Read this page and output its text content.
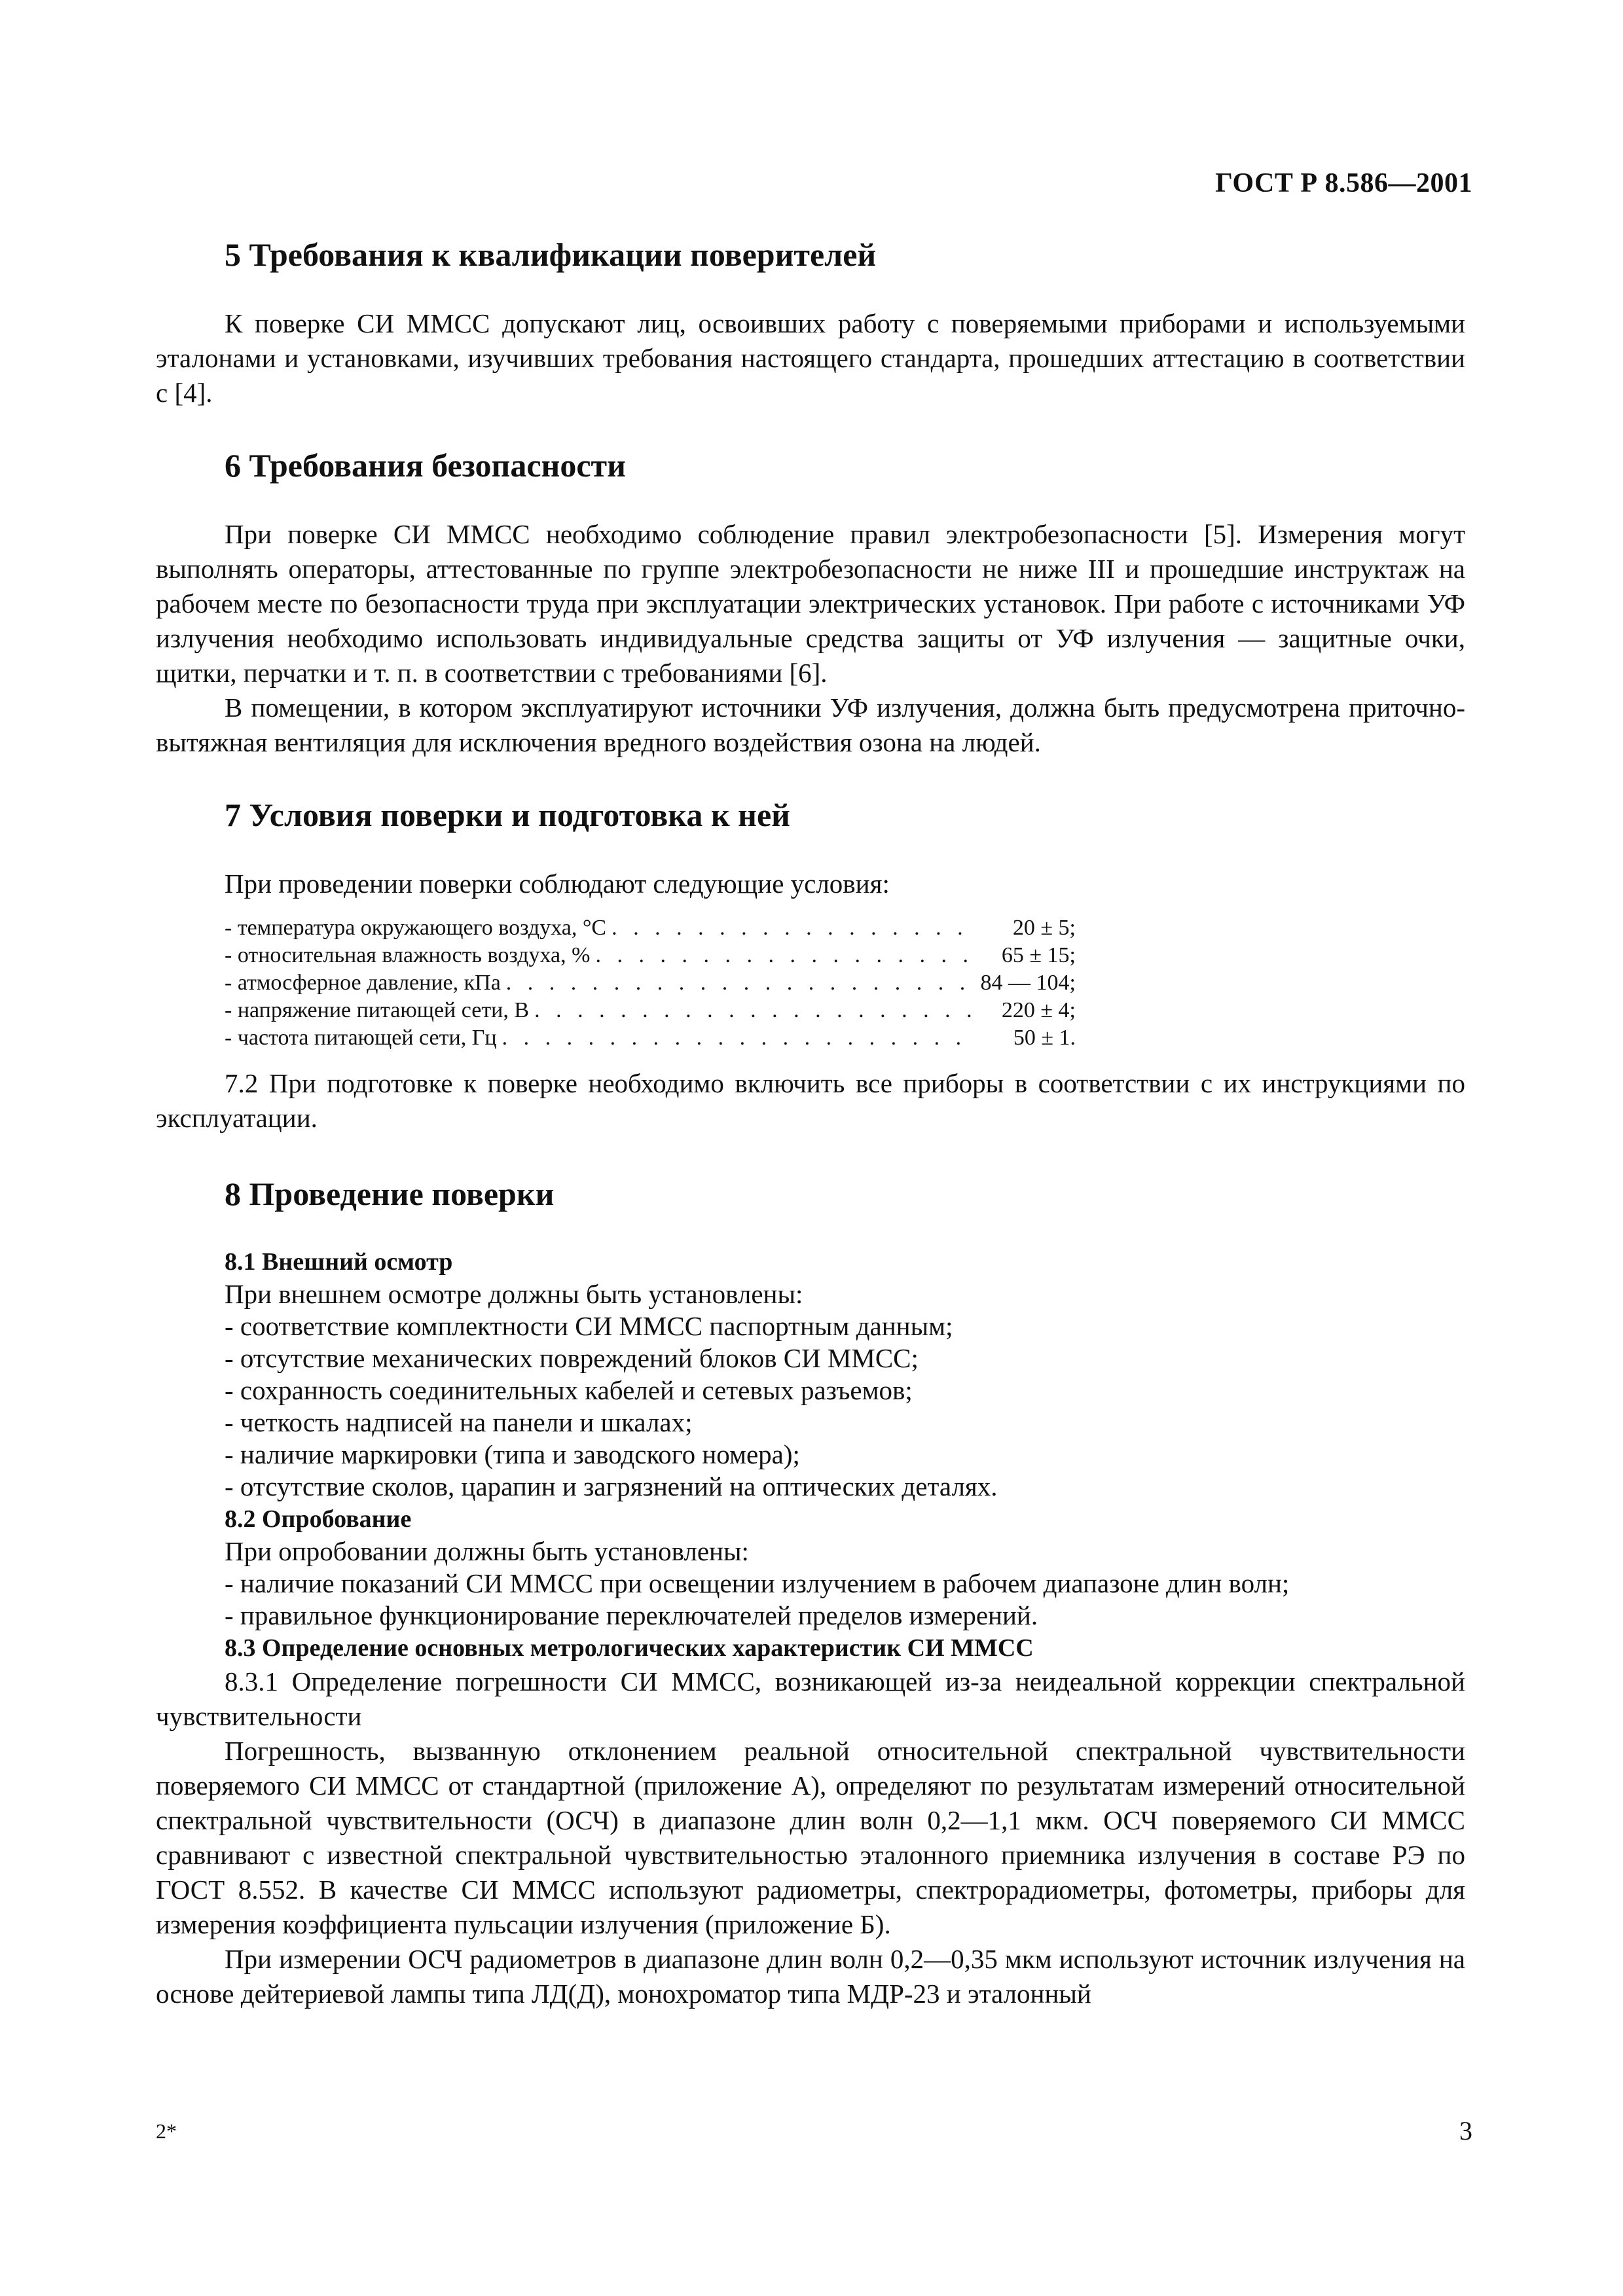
ГОСТ Р 8.586—2001
5 Требования к квалификации поверителей

К поверке СИ ММСС допускают лиц, освоивших работу с поверяемыми приборами и используемыми эталонами и установками, изучивших требования настоящего стандарта, прошедших аттестацию в соответствии с [4].

6 Требования безопасности

При поверке СИ ММСС необходимо соблюдение правил электробезопасности [5]. Измерения могут выполнять операторы, аттестованные по группе электробезопасности не ниже III и прошедшие инструктаж на рабочем месте по безопасности труда при эксплуатации электрических установок. При работе с источниками УФ излучения необходимо использовать индивидуальные средства защиты от УФ излучения — защитные очки, щитки, перчатки и т. п. в соответствии с требованиями [6].

В помещении, в котором эксплуатируют источники УФ излучения, должна быть предусмотрена приточно-вытяжная вентиляция для исключения вредного воздействия озона на людей.

7 Условия поверки и подготовка к ней

При проведении поверки соблюдают следующие условия:

- температура окружающего воздуха, °С . . .	20 ± 5;
- относительная влажность воздуха, % . . .	65 ± 15;
- атмосферное давление, кПа . . .	84 — 104;
- напряжение питающей сети, В . . .	220 ± 4;
- частота питающей сети, Гц . . .	50 ± 1.

7.2 При подготовке к поверке необходимо включить все приборы в соответствии с их инструкциями по эксплуатации.

8 Проведение поверки

8.1 Внешний осмотр

При внешнем осмотре должны быть установлены:

- соответствие комплектности СИ ММСС паспортным данным;

- отсутствие механических повреждений блоков СИ ММСС;

- сохранность соединительных кабелей и сетевых разъемов;

- четкость надписей на панели и шкалах;

- наличие маркировки (типа и заводского номера);

- отсутствие сколов, царапин и загрязнений на оптических деталях.

8.2 Опробование

При опробовании должны быть установлены:

- наличие показаний СИ ММСС при освещении излучением в рабочем диапазоне длин волн;

- правильное функционирование переключателей пределов измерений.

8.3 Определение основных метрологических характеристик СИ ММСС

8.3.1 Определение погрешности СИ ММСС, возникающей из-за неидеальной коррекции спектральной чувствительности

Погрешность, вызванную отклонением реальной относительной спектральной чувствительности поверяемого СИ ММСС от стандартной (приложение А), определяют по результатам измерений относительной спектральной чувствительности (ОСЧ) в диапазоне длин волн 0,2—1,1 мкм. ОСЧ поверяемого СИ ММСС сравнивают с известной спектральной чувствительностью эталонного приемника излучения в составе РЭ по ГОСТ 8.552. В качестве СИ ММСС используют радиометры, спектрорадиометры, фотометры, приборы для измерения коэффициента пульсации излучения (приложение Б).

При измерении ОСЧ радиометров в диапазоне длин волн 0,2—0,35 мкм используют источник излучения на основе дейтериевой лампы типа ЛД(Д), монохроматор типа МДР-23 и эталонный

2*	3
